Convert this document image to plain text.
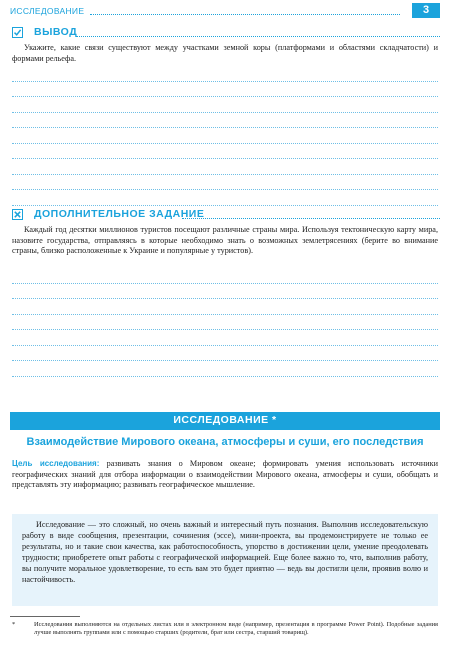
ИССЛЕДОВАНИЕ	3
ВЫВОД

Укажите, какие связи существуют между участками земной коры (платформами и областями складчатости) и формами рельефа.

ДОПОЛНИТЕЛЬНОЕ ЗАДАНИЕ

Каждый год десятки миллионов туристов посещают различные страны мира. Используя тектоническую карту мира, назовите государства, отправляясь в которые необходимо знать о возможных землетрясениях (берите во внимание страны, близко расположенные к Украине и популярные у туристов).

ИССЛЕДОВАНИЕ *
Взаимодействие Мирового океана, атмосферы и суши, его последствия

Цель исследования: развивать знания о Мировом океане; формировать умения использовать источники географических знаний для отбора информации о взаимодействии Мирового океана, атмосферы и суши, обобщать и представлять эту информацию; развивать географическое мышление.

Исследование — это сложный, но очень важный и интересный путь познания. Выполнив исследовательскую работу в виде сообщения, презентации, сочинения (эссе), мини-проекта, вы продемонстрируете не только ее результаты, но и такие свои качества, как работоспособность, упорство в достижении цели, умение преодолевать трудности; приобретете опыт работы с географической информацией. Еще более важно то, что, выполнив работу, вы получите моральное удовлетворение, то есть вам это будет приятно — ведь вы достигли цели, проявив волю и настойчивость.

*	Исследования выполняются на отдельных листах или в электронном виде (например, презентация в программе Power Point). Подобные задания лучше выполнять группами или с помощью старших (родители, брат или сестра, старший товарищ).
